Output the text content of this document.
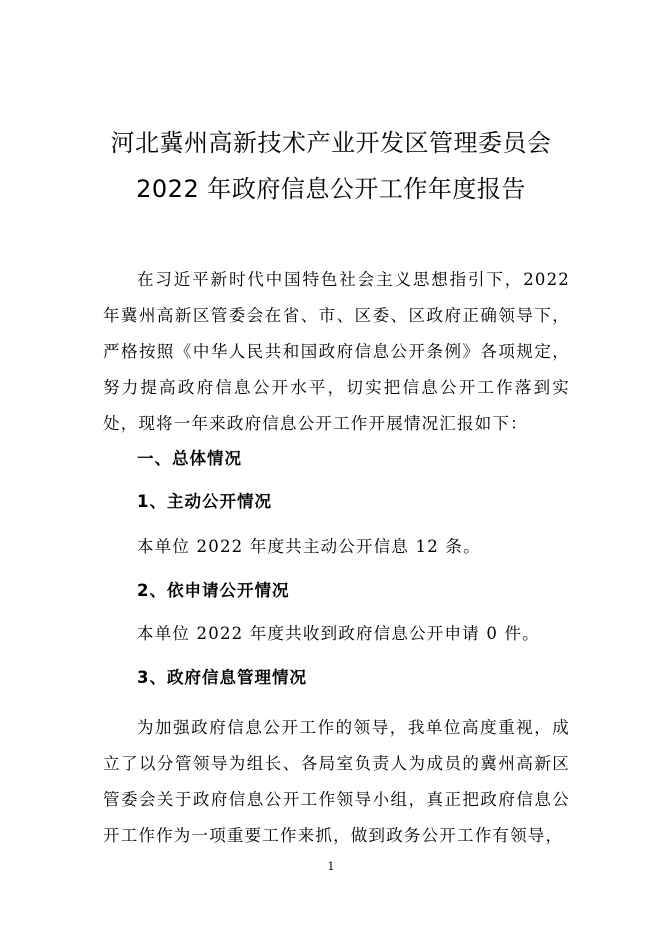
河北冀州高新技术产业开发区管理委员会
2022 年政府信息公开工作年度报告

在习近平新时代中国特色社会主义思想指引下，2022 年冀州高新区管委会在省、市、区委、区政府正确领导下，严格按照《中华人民共和国政府信息公开条例》各项规定，努力提高政府信息公开水平，切实把信息公开工作落到实处，现将一年来政府信息公开工作开展情况汇报如下：

一、总体情况

1、主动公开情况

本单位 2022 年度共主动公开信息 12 条。

2、依申请公开情况

本单位 2022 年度共收到政府信息公开申请 0 件。

3、政府信息管理情况

为加强政府信息公开工作的领导，我单位高度重视，成立了以分管领导为组长、各局室负责人为成员的冀州高新区管委会关于政府信息公开工作领导小组，真正把政府信息公开工作作为一项重要工作来抓，做到政务公开工作有领导，

1
